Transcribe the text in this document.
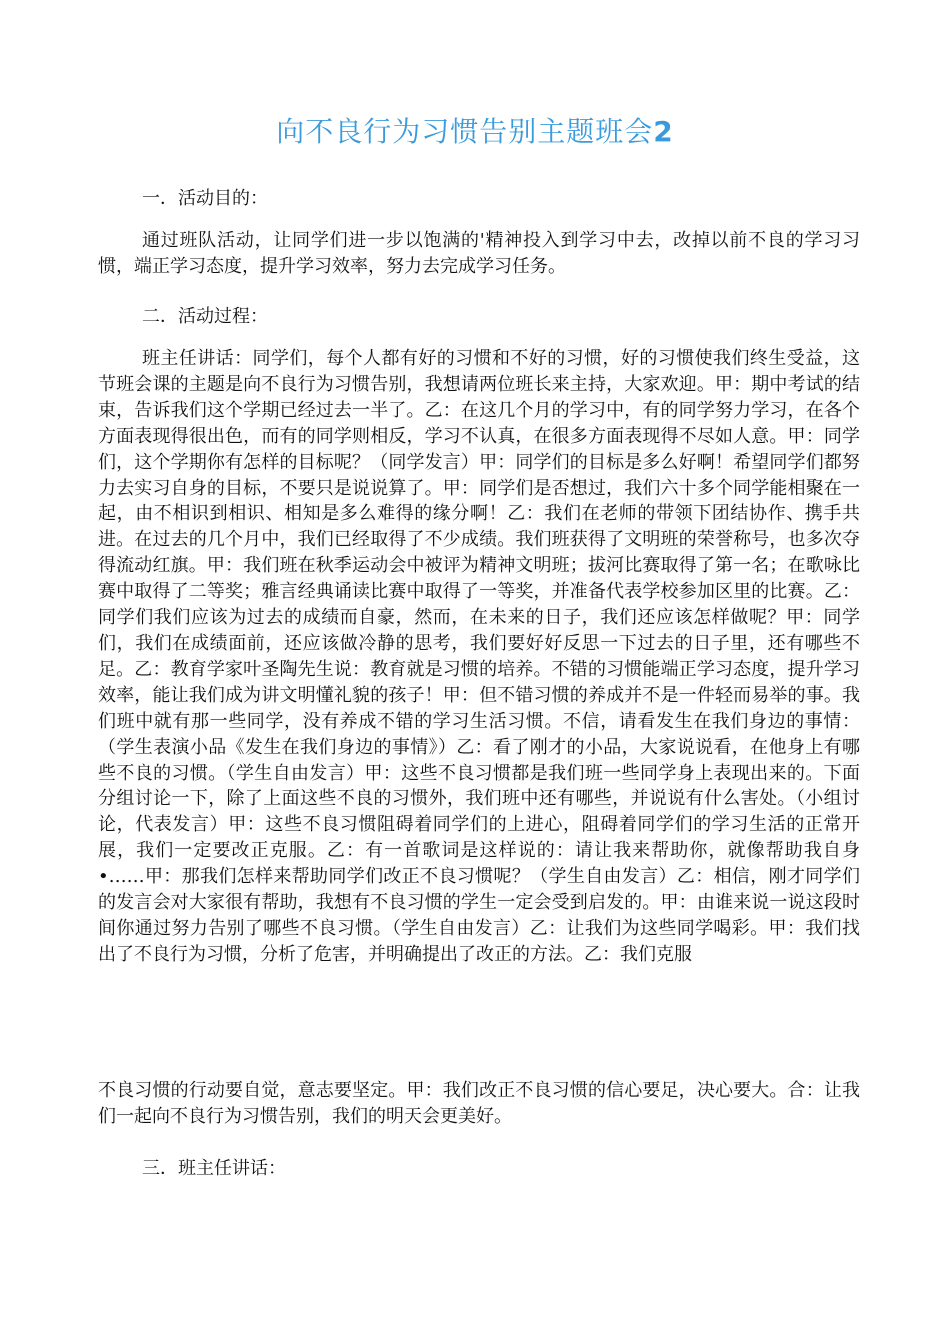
向不良行为习惯告别主题班会2

一．活动目的：

通过班队活动，让同学们进一步以饱满的'精神投入到学习中去，改掉以前不良的学习习惯，端正学习态度，提升学习效率，努力去完成学习任务。

二．活动过程：

班主任讲话：同学们，每个人都有好的习惯和不好的习惯，好的习惯使我们终生受益，这节班会课的主题是向不良行为习惯告别，我想请两位班长来主持，大家欢迎。甲：期中考试的结束，告诉我们这个学期已经过去一半了。乙：在这几个月的学习中，有的同学努力学习，在各个方面表现得很出色，而有的同学则相反，学习不认真，在很多方面表现得不尽如人意。甲：同学们，这个学期你有怎样的目标呢？（同学发言）甲：同学们的目标是多么好啊！希望同学们都努力去实习自身的目标，不要只是说说算了。甲：同学们是否想过，我们六十多个同学能相聚在一起，由不相识到相识、相知是多么难得的缘分啊！乙：我们在老师的带领下团结协作、携手共进。在过去的几个月中，我们已经取得了不少成绩。我们班获得了文明班的荣誉称号，也多次夺得流动红旗。甲：我们班在秋季运动会中被评为精神文明班；拔河比赛取得了第一名；在歌咏比赛中取得了二等奖；雅言经典诵读比赛中取得了一等奖，并准备代表学校参加区里的比赛。乙：同学们我们应该为过去的成绩而自豪，然而，在未来的日子，我们还应该怎样做呢？甲：同学们，我们在成绩面前，还应该做冷静的思考，我们要好好反思一下过去的日子里，还有哪些不足。乙：教育学家叶圣陶先生说：教育就是习惯的培养。不错的习惯能端正学习态度，提升学习效率，能让我们成为讲文明懂礼貌的孩子！甲：但不错习惯的养成并不是一件轻而易举的事。我们班中就有那一些同学，没有养成不错的学习生活习惯。不信，请看发生在我们身边的事情：（学生表演小品《发生在我们身边的事情》）乙：看了刚才的小品，大家说说看，在他身上有哪些不良的习惯。（学生自由发言）甲：这些不良习惯都是我们班一些同学身上表现出来的。下面分组讨论一下，除了上面这些不良的习惯外，我们班中还有哪些，并说说有什么害处。（小组讨论，代表发言）甲：这些不良习惯阻碍着同学们的上进心，阻碍着同学们的学习生活的正常开展，我们一定要改正克服。乙：有一首歌词是这样说的：请让我来帮助你，就像帮助我自身•……甲：那我们怎样来帮助同学们改正不良习惯呢？（学生自由发言）乙：相信，刚才同学们的发言会对大家很有帮助，我想有不良习惯的学生一定会受到启发的。甲：由谁来说一说这段时间你通过努力告别了哪些不良习惯。（学生自由发言）乙：让我们为这些同学喝彩。甲：我们找出了不良行为习惯，分析了危害，并明确提出了改正的方法。乙：我们克服

不良习惯的行动要自觉，意志要坚定。甲：我们改正不良习惯的信心要足，决心要大。合：让我们一起向不良行为习惯告别，我们的明天会更美好。

三．班主任讲话：
